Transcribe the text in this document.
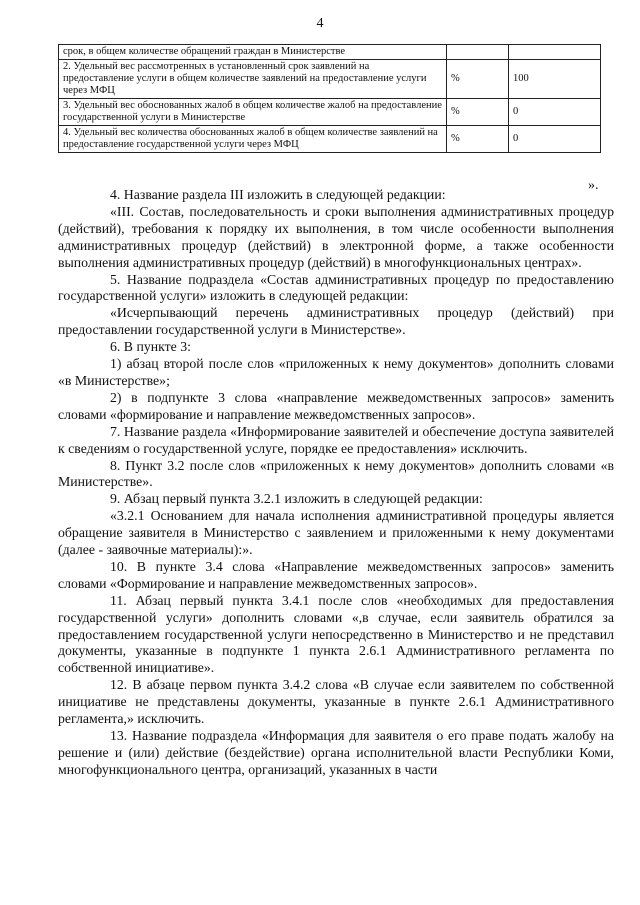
4
срок, в общем количестве обращений граждан в Министерстве		
2. Удельный вес рассмотренных в установленный срок заявлений на предоставление услуги в общем количестве заявлений на предоставление услуги через МФЦ	%	100
3. Удельный вес обоснованных жалоб в общем количестве жалоб на предоставление государственной услуги в Министерстве	%	0
4. Удельный вес количества обоснованных жалоб в общем количестве заявлений на предоставление государственной услуги через МФЦ	%	0
».

4. Название раздела III изложить в следующей редакции:

«III. Состав, последовательность и сроки выполнения административных процедур (действий), требования к порядку их выполнения, в том числе особенности выполнения административных процедур (действий) в электронной форме, а также особенности выполнения административных процедур (действий) в многофункциональных центрах».

5. Название подраздела «Состав административных процедур по предоставлению государственной услуги» изложить в следующей редакции:

«Исчерпывающий перечень административных процедур (действий) при предоставлении государственной услуги в Министерстве».

6. В пункте 3:

1) абзац второй после слов «приложенных к нему документов» дополнить словами «в Министерстве»;

2) в подпункте 3 слова «направление межведомственных запросов» заменить словами «формирование и направление межведомственных запросов».

7. Название раздела «Информирование заявителей и обеспечение доступа заявителей к сведениям о государственной услуге, порядке ее предоставления» исключить.

8. Пункт 3.2 после слов «приложенных к нему документов» дополнить словами «в Министерстве».

9. Абзац первый пункта 3.2.1 изложить в следующей редакции:

«3.2.1 Основанием для начала исполнения административной процедуры является обращение заявителя в Министерство с заявлением и приложенными к нему документами (далее - заявочные материалы):».

10. В пункте 3.4 слова «Направление межведомственных запросов» заменить словами «Формирование и направление межведомственных запросов».

11. Абзац первый пункта 3.4.1 после слов «необходимых для предоставления государственной услуги» дополнить словами «,в случае, если заявитель обратился за предоставлением государственной услуги непосредственно в Министерство и не представил документы, указанные в подпункте 1 пункта 2.6.1 Административного регламента по собственной инициативе».

12. В абзаце первом пункта 3.4.2 слова «В случае если заявителем по собственной инициативе не представлены документы, указанные в пункте 2.6.1 Административного регламента,» исключить.

13. Название подраздела «Информация для заявителя о его праве подать жалобу на решение и (или) действие (бездействие) органа исполнительной власти Республики Коми, многофункционального центра, организаций, указанных в части
